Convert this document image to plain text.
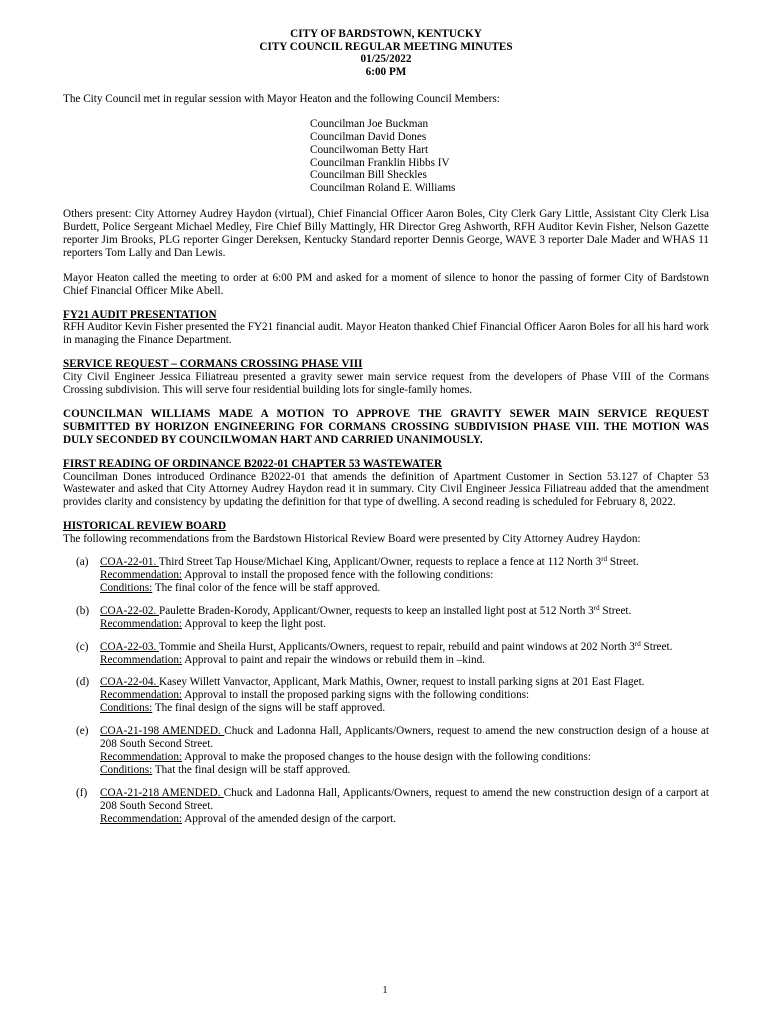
CITY OF BARDSTOWN, KENTUCKY
CITY COUNCIL REGULAR MEETING MINUTES
01/25/2022
6:00 PM

The City Council met in regular session with Mayor Heaton and the following Council Members:

Councilman Joe Buckman
Councilman David Dones
Councilwoman Betty Hart
Councilman Franklin Hibbs IV
Councilman Bill Sheckles
Councilman Roland E. Williams

Others present: City Attorney Audrey Haydon (virtual), Chief Financial Officer Aaron Boles, City Clerk Gary Little, Assistant City Clerk Lisa Burdett, Police Sergeant Michael Medley, Fire Chief Billy Mattingly, HR Director Greg Ashworth, RFH Auditor Kevin Fisher, Nelson Gazette reporter Jim Brooks, PLG reporter Ginger Dereksen, Kentucky Standard reporter Dennis George, WAVE 3 reporter Dale Mader and WHAS 11 reporters Tom Lally and Dan Lewis.

Mayor Heaton called the meeting to order at 6:00 PM and asked for a moment of silence to honor the passing of former City of Bardstown Chief Financial Officer Mike Abell.

FY21 AUDIT PRESENTATION

RFH Auditor Kevin Fisher presented the FY21 financial audit. Mayor Heaton thanked Chief Financial Officer Aaron Boles for all his hard work in managing the Finance Department.

SERVICE REQUEST – CORMANS CROSSING PHASE VIII

City Civil Engineer Jessica Filiatreau presented a gravity sewer main service request from the developers of Phase VIII of the Cormans Crossing subdivision. This will serve four residential building lots for single-family homes.

COUNCILMAN WILLIAMS MADE A MOTION TO APPROVE THE GRAVITY SEWER MAIN SERVICE REQUEST SUBMITTED BY HORIZON ENGINEERING FOR CORMANS CROSSING SUBDIVISION PHASE VIII. THE MOTION WAS DULY SECONDED BY COUNCILWOMAN HART AND CARRIED UNANIMOUSLY.

FIRST READING OF ORDINANCE B2022-01 CHAPTER 53 WASTEWATER

Councilman Dones introduced Ordinance B2022-01 that amends the definition of Apartment Customer in Section 53.127 of Chapter 53 Wastewater and asked that City Attorney Audrey Haydon read it in summary. City Civil Engineer Jessica Filiatreau added that the amendment provides clarity and consistency by updating the definition for that type of dwelling. A second reading is scheduled for February 8, 2022.

HISTORICAL REVIEW BOARD

The following recommendations from the Bardstown Historical Review Board were presented by City Attorney Audrey Haydon:

(a) COA-22-01. Third Street Tap House/Michael King, Applicant/Owner, requests to replace a fence at 112 North 3rd Street.
Recommendation: Approval to install the proposed fence with the following conditions:
Conditions: The final color of the fence will be staff approved.
(b) COA-22-02. Paulette Braden-Korody, Applicant/Owner, requests to keep an installed light post at 512 North 3rd Street.
Recommendation: Approval to keep the light post.
(c) COA-22-03. Tommie and Sheila Hurst, Applicants/Owners, request to repair, rebuild and paint windows at 202 North 3rd Street.
Recommendation: Approval to paint and repair the windows or rebuild them in –kind.
(d) COA-22-04. Kasey Willett Vanvactor, Applicant, Mark Mathis, Owner, request to install parking signs at 201 East Flaget.
Recommendation: Approval to install the proposed parking signs with the following conditions:
Conditions: The final design of the signs will be staff approved.
(e) COA-21-198 AMENDED. Chuck and Ladonna Hall, Applicants/Owners, request to amend the new construction design of a house at 208 South Second Street.
Recommendation: Approval to make the proposed changes to the house design with the following conditions:
Conditions: That the final design will be staff approved.
(f) COA-21-218 AMENDED. Chuck and Ladonna Hall, Applicants/Owners, request to amend the new construction design of a carport at 208 South Second Street.
Recommendation: Approval of the amended design of the carport.
1
